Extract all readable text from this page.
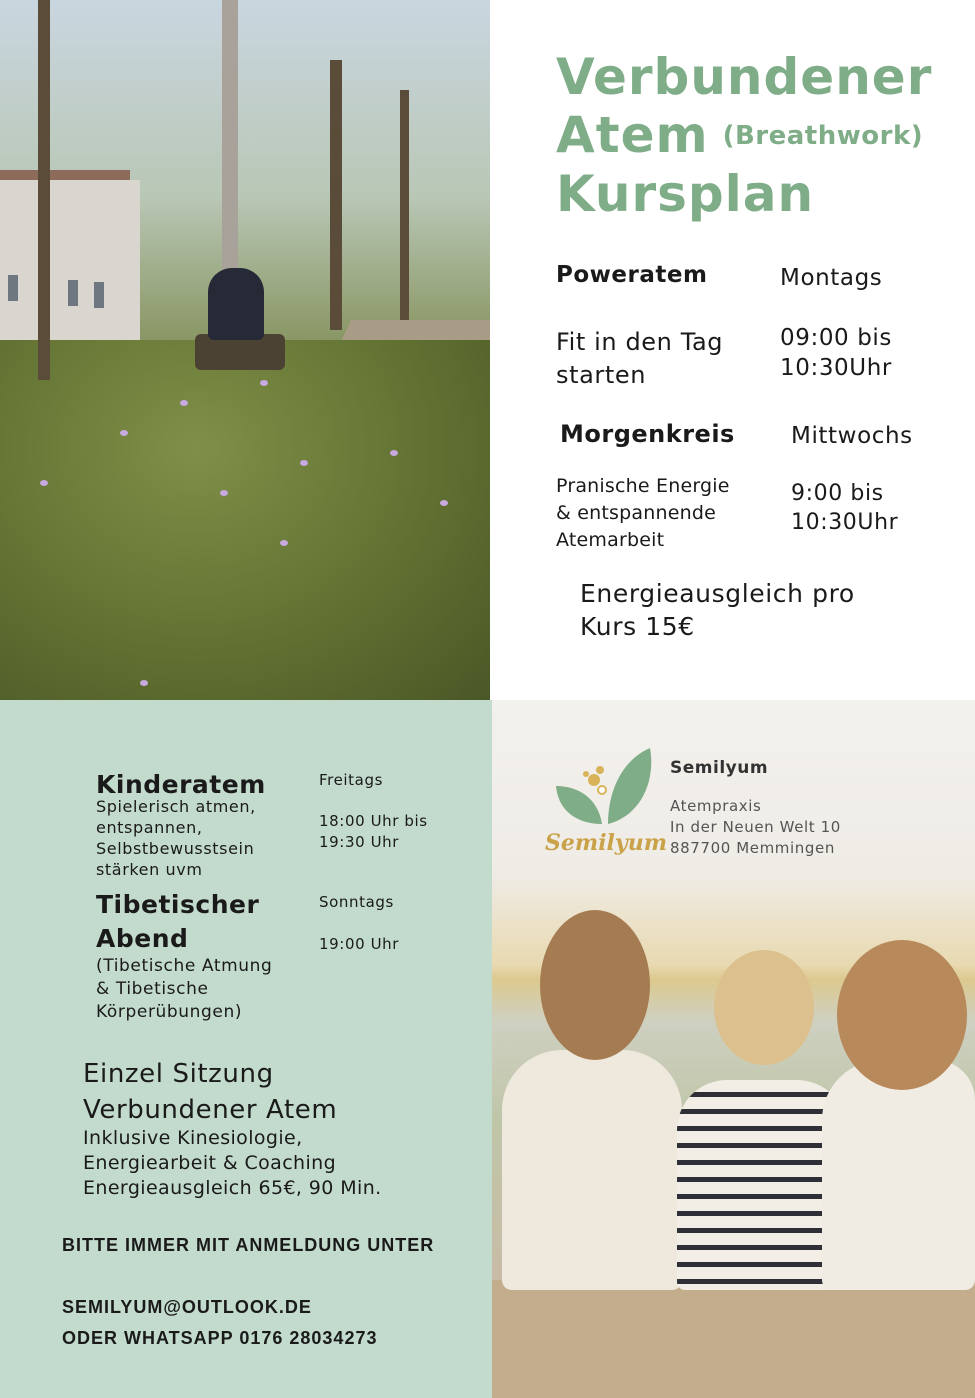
Verbundener
Atem $^{(Breathwork)}$
Kursplan
Poweratem	Montags
Fit in den Tag
starten
09:00 bis
10:30Uhr
Morgenkreis Mittwochs
Pranische Energie
& entspannende
Atemarbeit
9:00 bis
10:30Uhr
Energieausgleich pro
Kurs 15€
Kinderatem
Spielerisch atmen,
entspannen,
Selbstbewusstsein
stärken uvm
Freitags
18:00 Uhr bis
19:30 Uhr
Tibetischer
Abend
(Tibetische Atmung
& Tibetische
Körperübungen)
Sonntags
19:00 Uhr
Einzel Sitzung
Verbundener Atem
Inklusive Kinesiologie,
Energiearbeit & Coaching
Energieausgleich 65€, 90 Min.
BITTE IMMER MIT ANMELDUNG UNTER
SEMILYUM@OUTLOOK.DE
ODER WHATSAPP 0176 28034273
Semilyum
Semilyum
Atempraxis
In der Neuen Welt 10
887700 Memmingen
